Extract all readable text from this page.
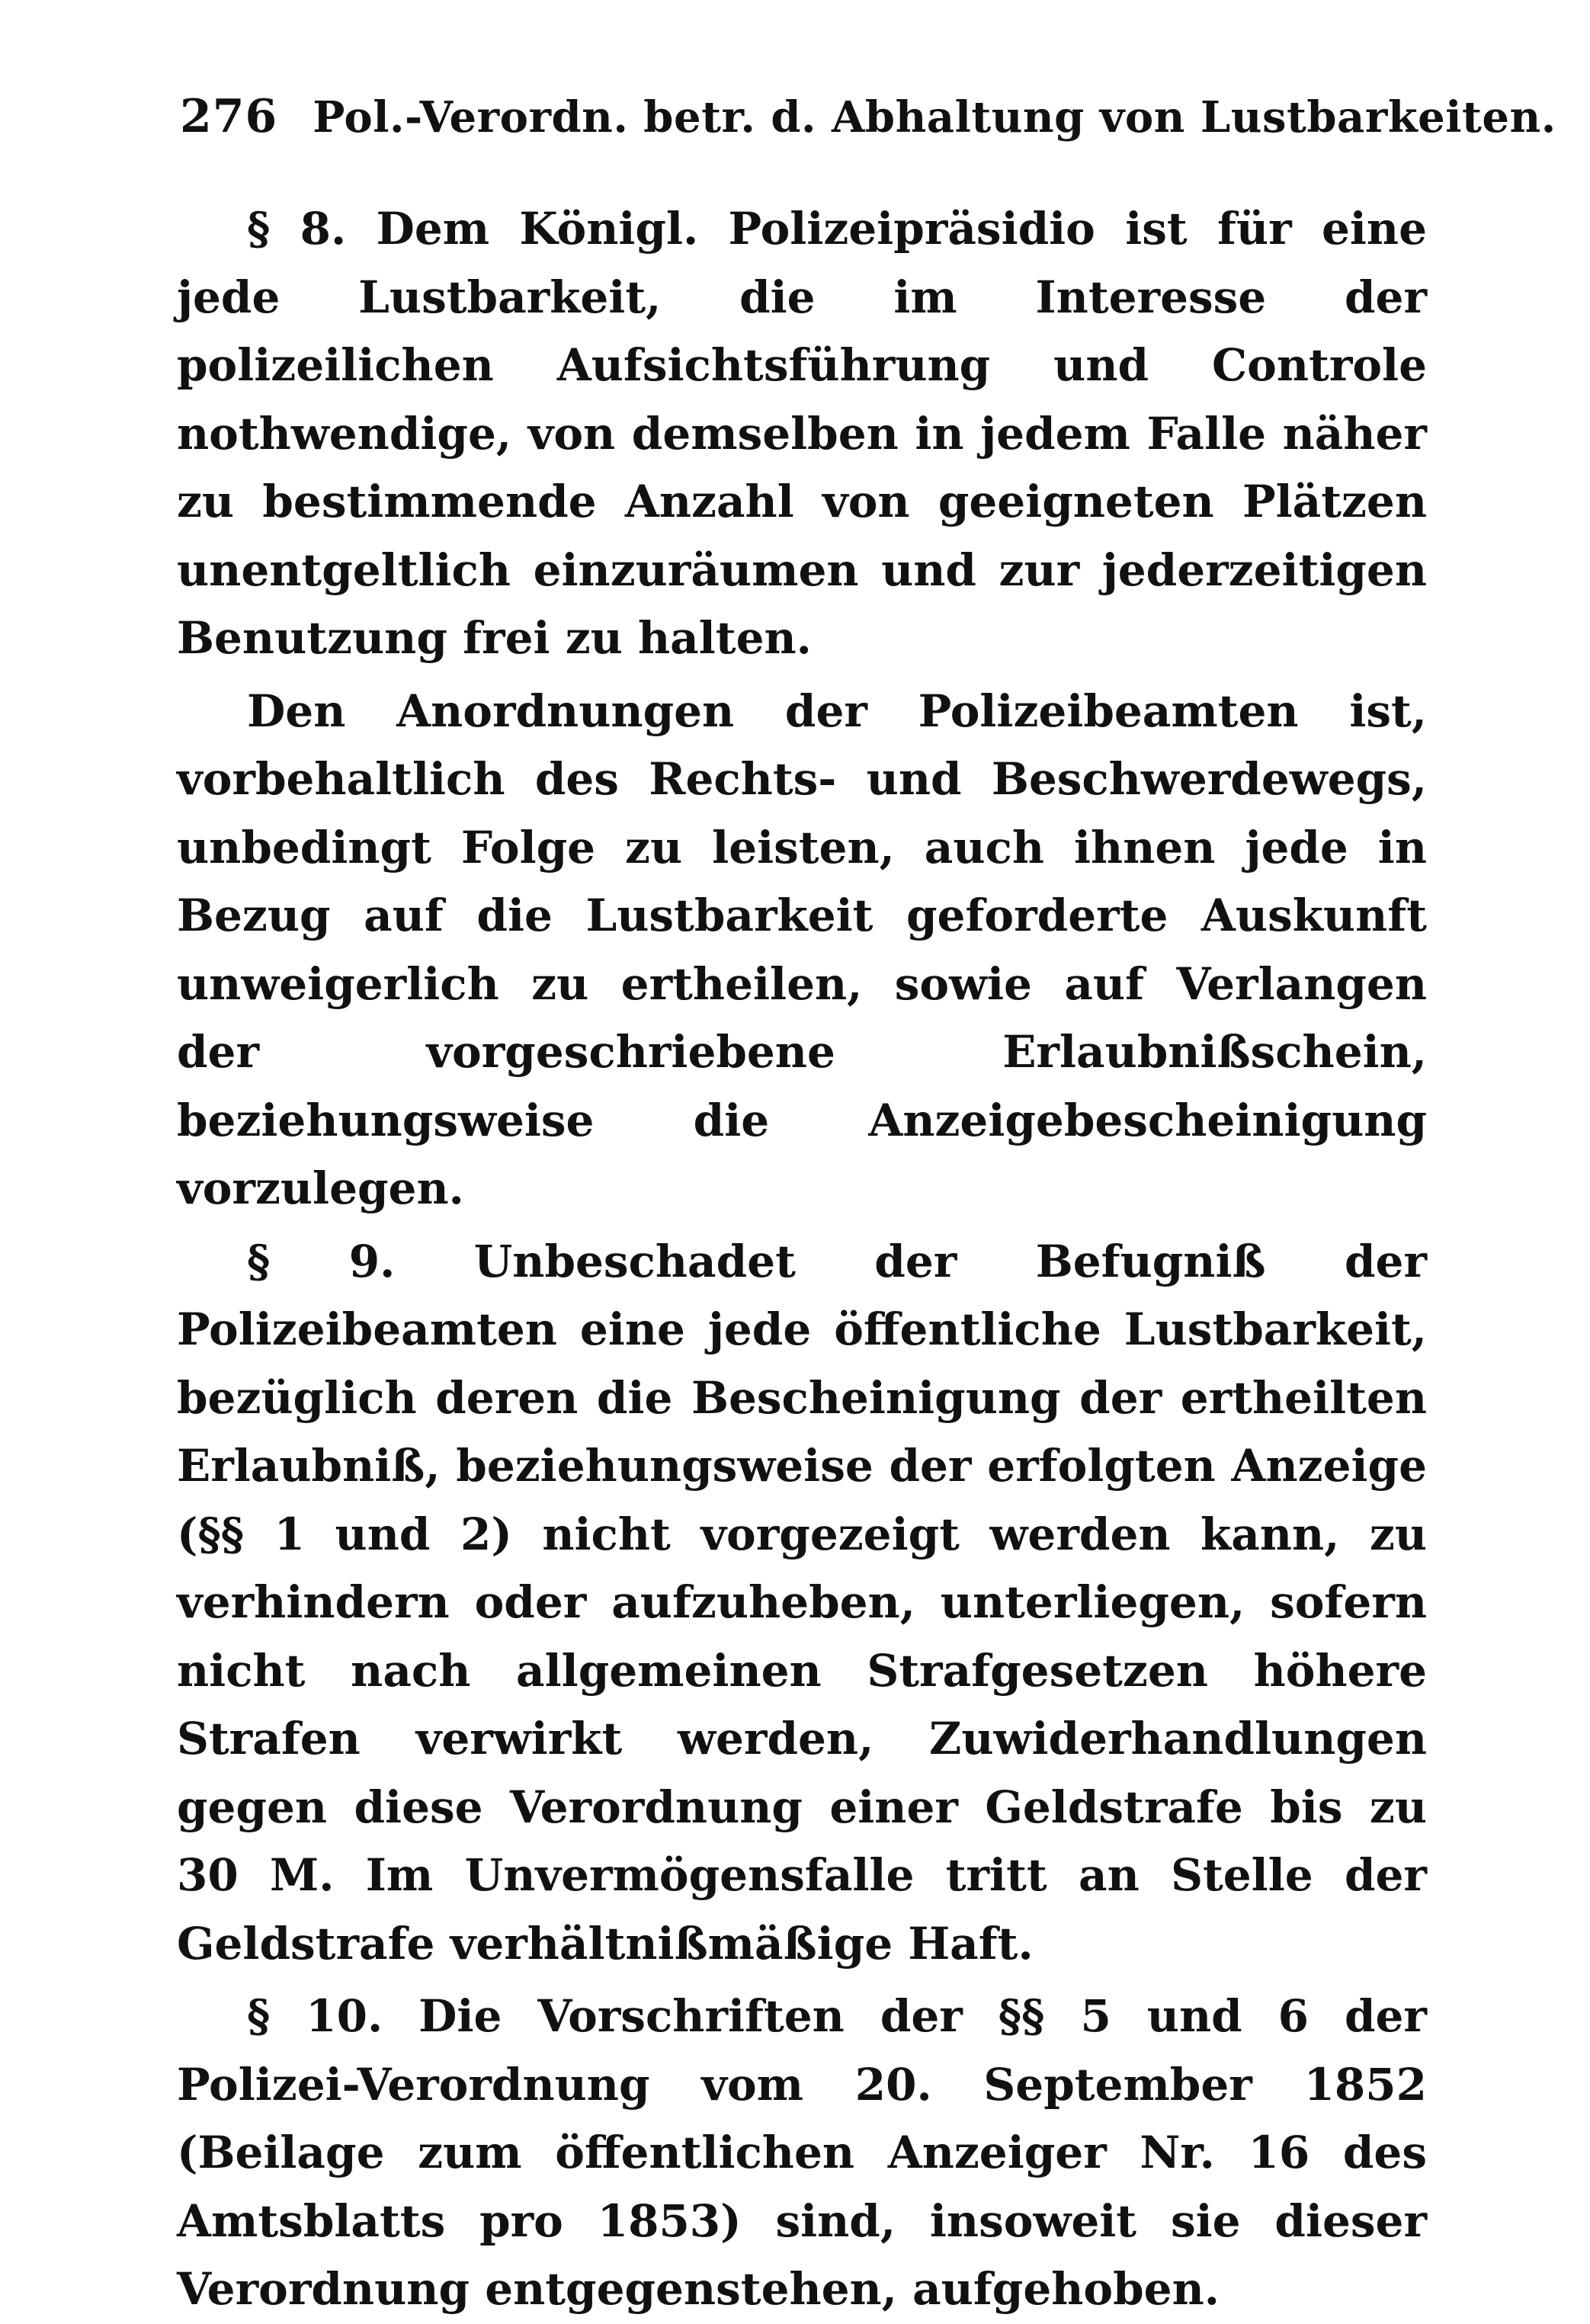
276 Pol.-Verordn. betr. d. Abhaltung von Lustbarkeiten.

§ 8. Dem Königl. Polizeipräsidio ist für eine jede Lustbarkeit, die im Interesse der polizeilichen Aufsichtsführung und Controle nothwendige, von demselben in jedem Falle näher zu bestimmende Anzahl von geeigneten Plätzen unentgeltlich einzuräumen und zur jederzeitigen Benutzung frei zu halten.

Den Anordnungen der Polizeibeamten ist, vorbehaltlich des Rechts- und Beschwerdewegs, unbedingt Folge zu leisten, auch ihnen jede in Bezug auf die Lustbarkeit geforderte Auskunft unweigerlich zu ertheilen, sowie auf Verlangen der vorgeschriebene Erlaubnißschein, beziehungsweise die Anzeigebescheinigung vorzulegen.

§ 9. Unbeschadet der Befugniß der Polizeibeamten eine jede öffentliche Lustbarkeit, bezüglich deren die Bescheinigung der ertheilten Erlaubniß, beziehungsweise der erfolgten Anzeige (§§ 1 und 2) nicht vorgezeigt werden kann, zu verhindern oder aufzuheben, unterliegen, sofern nicht nach allgemeinen Strafgesetzen höhere Strafen verwirkt werden, Zuwiderhandlungen gegen diese Verordnung einer Geldstrafe bis zu 30 M. Im Unvermögensfalle tritt an Stelle der Geldstrafe verhältnißmäßige Haft.

§ 10. Die Vorschriften der §§ 5 und 6 der Polizei-Verordnung vom 20. September 1852 (Beilage zum öffentlichen Anzeiger Nr. 16 des Amtsblatts pro 1853) sind, insoweit sie dieser Verordnung entgegenstehen, aufgehoben.
